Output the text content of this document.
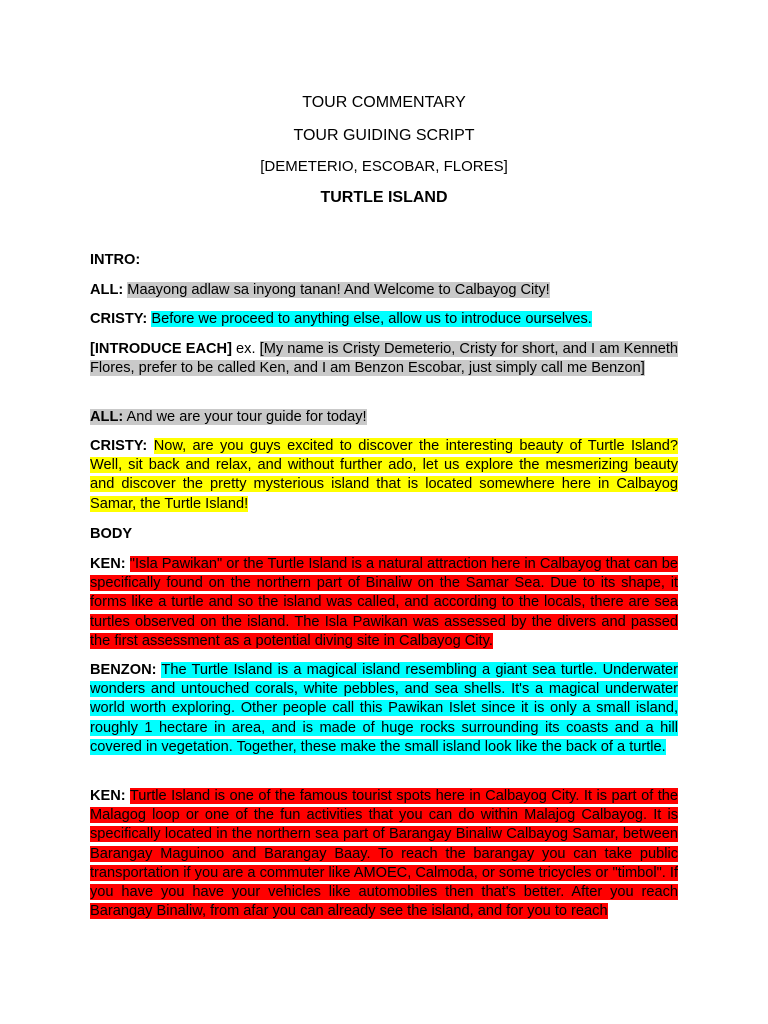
TOUR COMMENTARY
TOUR GUIDING SCRIPT
[DEMETERIO, ESCOBAR, FLORES]
TURTLE ISLAND
INTRO:
ALL: Maayong adlaw sa inyong tanan! And Welcome to Calbayog City!
CRISTY: Before we proceed to anything else, allow us to introduce ourselves.
[INTRODUCE EACH] ex. [My name is Cristy Demeterio, Cristy for short, and I am Kenneth Flores, prefer to be called Ken, and I am Benzon Escobar, just simply call me Benzon]
ALL: And we are your tour guide for today!
CRISTY: Now, are you guys excited to discover the interesting beauty of Turtle Island? Well, sit back and relax, and without further ado, let us explore the mesmerizing beauty and discover the pretty mysterious island that is located somewhere here in Calbayog Samar, the Turtle Island!
BODY
KEN: "Isla Pawikan" or the Turtle Island is a natural attraction here in Calbayog that can be specifically found on the northern part of Binaliw on the Samar Sea. Due to its shape, it forms like a turtle and so the island was called, and according to the locals, there are sea turtles observed on the island. The Isla Pawikan was assessed by the divers and passed the first assessment as a potential diving site in Calbayog City.
BENZON: The Turtle Island is a magical island resembling a giant sea turtle. Underwater wonders and untouched corals, white pebbles, and sea shells. It's a magical underwater world worth exploring. Other people call this Pawikan Islet since it is only a small island, roughly 1 hectare in area, and is made of huge rocks surrounding its coasts and a hill covered in vegetation. Together, these make the small island look like the back of a turtle.
KEN: Turtle Island is one of the famous tourist spots here in Calbayog City. It is part of the Malagog loop or one of the fun activities that you can do within Malajog Calbayog. It is specifically located in the northern sea part of Barangay Binaliw Calbayog Samar, between Barangay Maguinoo and Barangay Baay. To reach the barangay you can take public transportation if you are a commuter like AMOEC, Calmoda, or some tricycles or "timbol". If you have you have your vehicles like automobiles then that's better. After you reach Barangay Binaliw, from afar you can already see the island, and for you to reach
